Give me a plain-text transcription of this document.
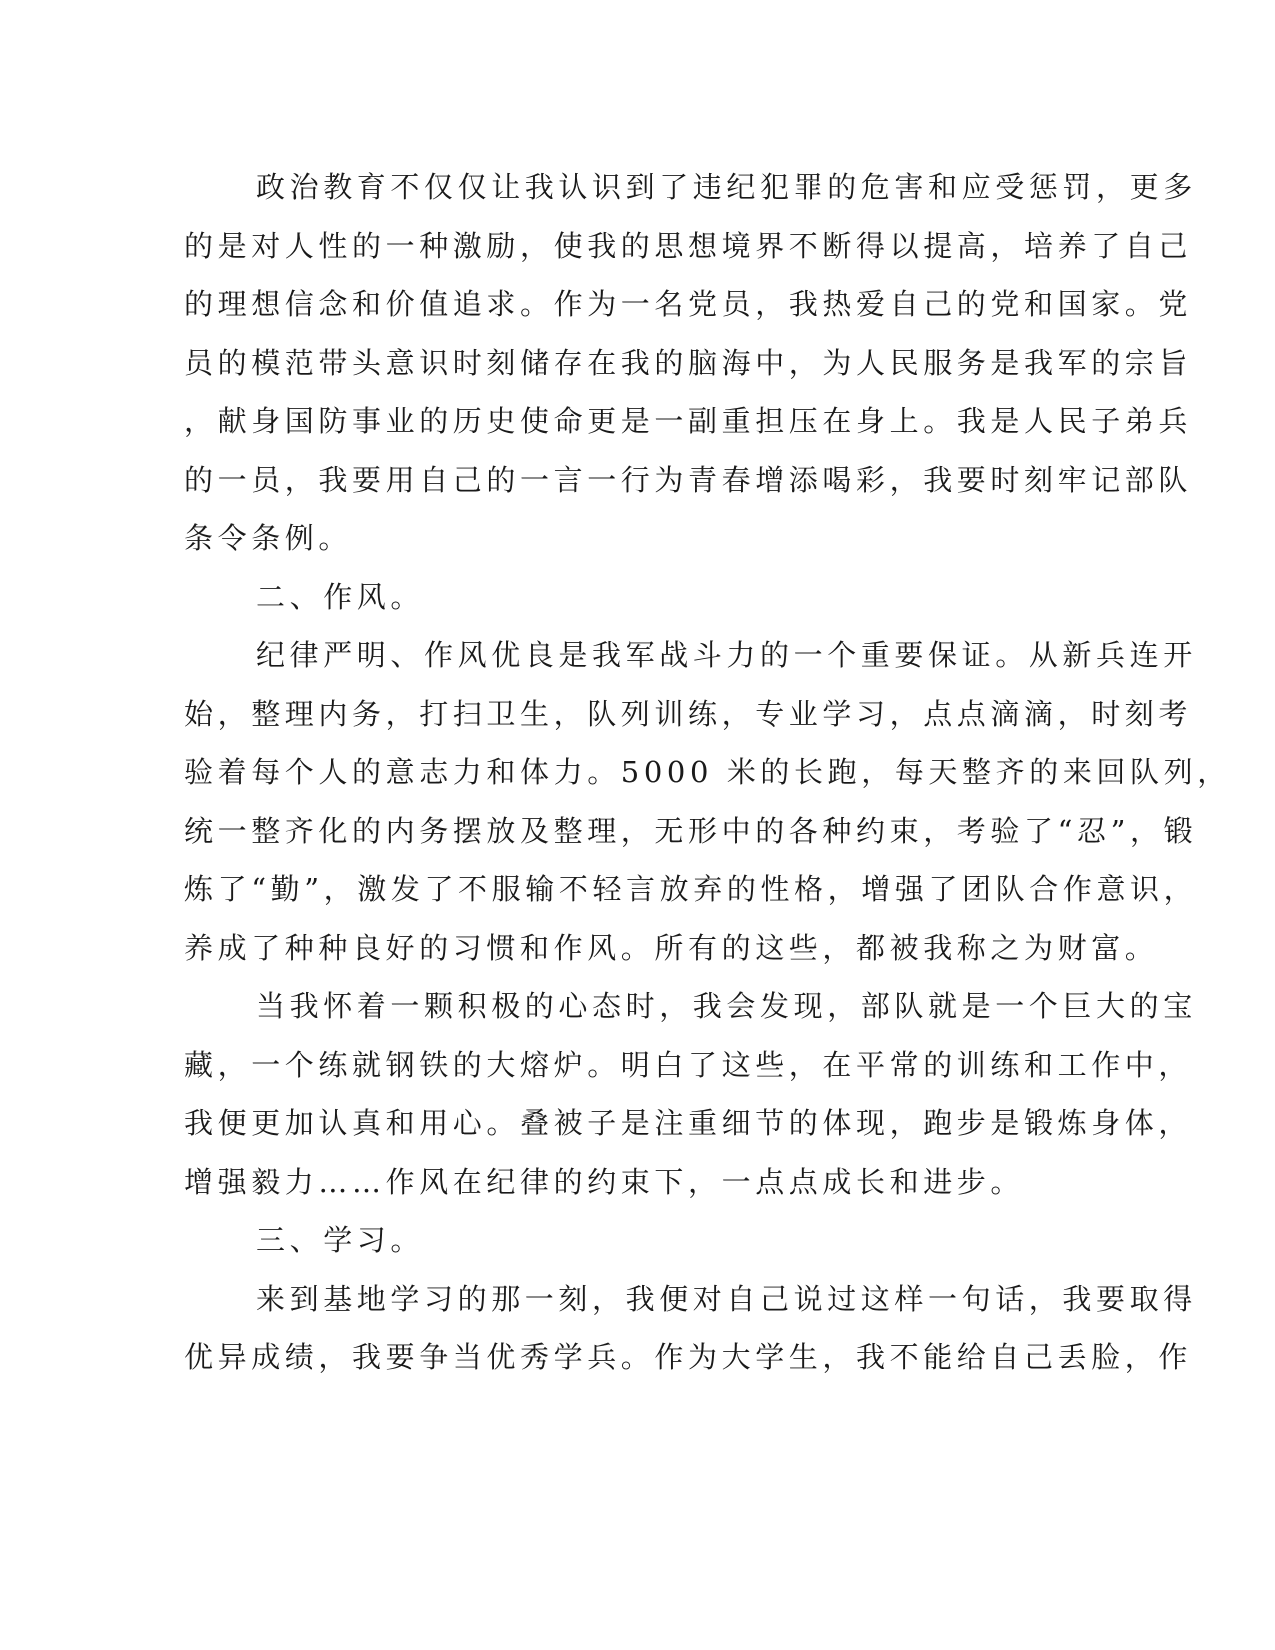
政治教育不仅仅让我认识到了违纪犯罪的危害和应受惩罚，更多
的是对人性的一种激励，使我的思想境界不断得以提高，培养了自己
的理想信念和价值追求。作为一名党员，我热爱自己的党和国家。党
员的模范带头意识时刻储存在我的脑海中，为人民服务是我军的宗旨
，献身国防事业的历史使命更是一副重担压在身上。我是人民子弟兵
的一员，我要用自己的一言一行为青春增添喝彩，我要时刻牢记部队
条令条例。
二、作风。
纪律严明、作风优良是我军战斗力的一个重要保证。从新兵连开
始，整理内务，打扫卫生，队列训练，专业学习，点点滴滴，时刻考
验着每个人的意志力和体力。5000 米的长跑，每天整齐的来回队列，
统一整齐化的内务摆放及整理，无形中的各种约束，考验了“忍”，锻
炼了“勤”，激发了不服输不轻言放弃的性格，增强了团队合作意识，
养成了种种良好的习惯和作风。所有的这些，都被我称之为财富。
当我怀着一颗积极的心态时，我会发现，部队就是一个巨大的宝
藏，一个练就钢铁的大熔炉。明白了这些，在平常的训练和工作中，
我便更加认真和用心。叠被子是注重细节的体现，跑步是锻炼身体，
增强毅力……作风在纪律的约束下，一点点成长和进步。
三、学习。
来到基地学习的那一刻，我便对自己说过这样一句话，我要取得
优异成绩，我要争当优秀学兵。作为大学生，我不能给自己丢脸，作
